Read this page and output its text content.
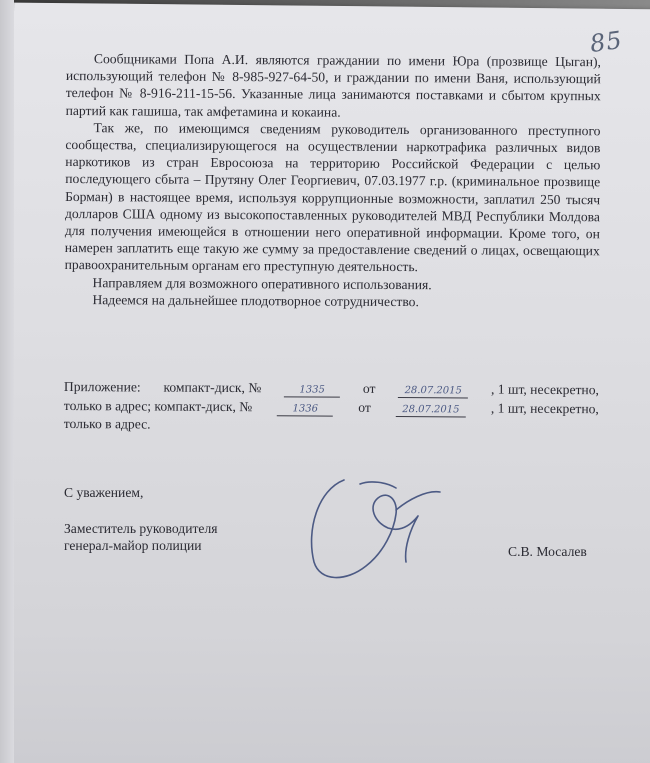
85

Сообщниками Попа А.И. являются граждании по имени Юра (прозвище Цыган), использующий телефон № 8-985-927-64-50, и граждании по имени Ваня, использующий телефон № 8-916-211-15-56. Указанные лица занимаются поставками и сбытом крупных партий как гашиша, так амфетамина и кокаина.

Так же, по имеющимся сведениям руководитель организованного преступного сообщества, специализирующегося на осуществлении наркотрафика различных видов наркотиков из стран Евросоюза на территорию Российской Федерации с целью последующего сбыта – Прутяну Олег Георгиевич, 07.03.1977 г.р. (криминальное прозвище Борман) в настоящее время, используя коррупционные возможности, заплатил 250 тысяч долларов США одному из высокопоставленных руководителей МВД Республики Молдова для получения имеющейся в отношении него оперативной информации. Кроме того, он намерен заплатить еще такую же сумму за предоставление сведений о лицах, освещающих правоохранительным органам его преступную деятельность.

Направляем для возможного оперативного использования.

Надеемся на дальнейшее плодотворное сотрудничество.

Приложение: компакт-диск, №	1335	от	28.07.2015	, 1 шт, несекретно,
только в адрес; компакт-диск, №	1336	от	28.07.2015	, 1 шт, несекретно,
только в адрес.
С уважением,
Заместитель руководителя
генерал-майор полиции	С.В. Мосалев
